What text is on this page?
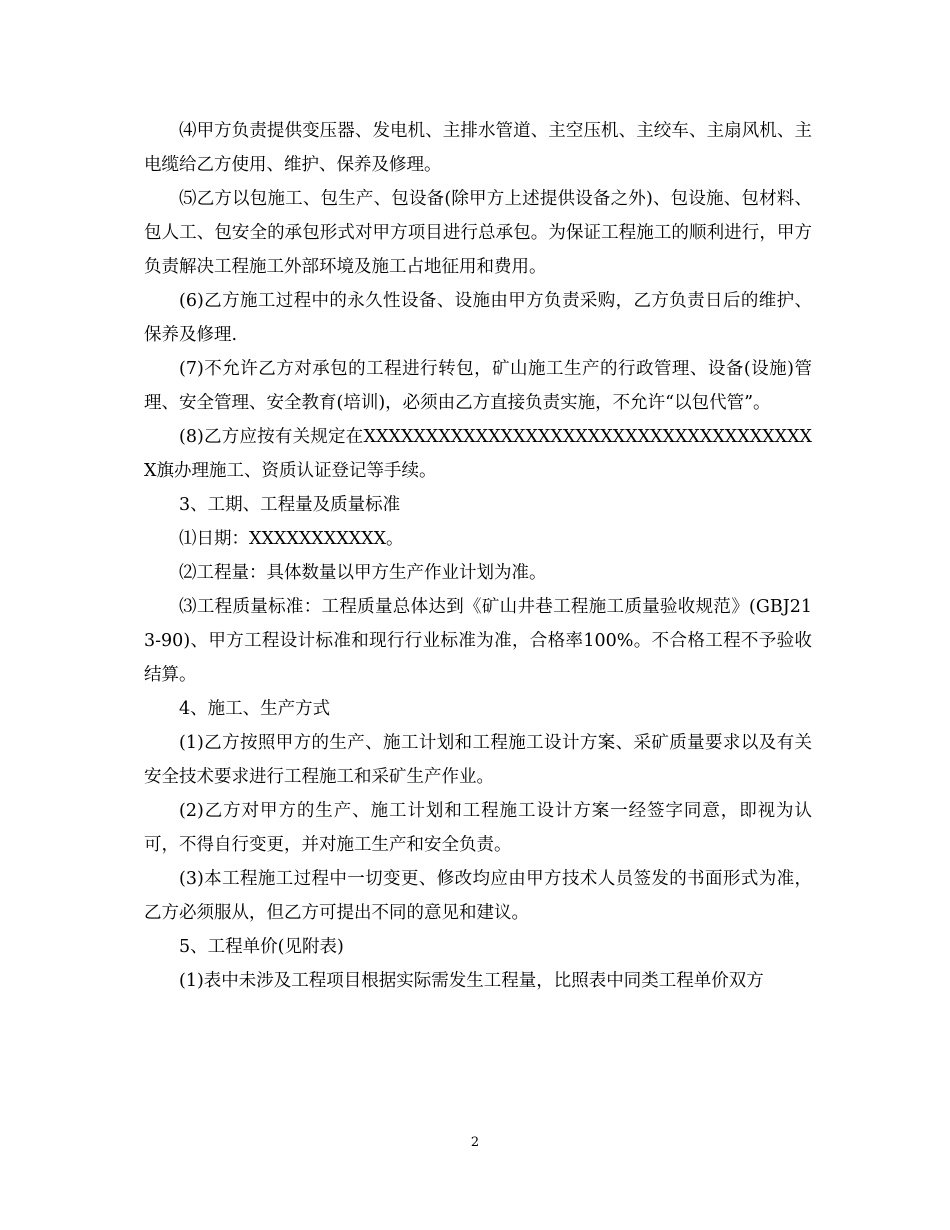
⑷甲方负责提供变压器、发电机、主排水管道、主空压机、主绞车、主扇风机、主电缆给乙方使用、维护、保养及修理。

⑸乙方以包施工、包生产、包设备(除甲方上述提供设备之外)、包设施、包材料、包人工、包安全的承包形式对甲方项目进行总承包。为保证工程施工的顺利进行，甲方负责解决工程施工外部环境及施工占地征用和费用。

(6)乙方施工过程中的永久性设备、设施由甲方负责采购，乙方负责日后的维护、保养及修理.

(7)不允许乙方对承包的工程进行转包，矿山施工生产的行政管理、设备(设施)管理、安全管理、安全教育(培训)，必须由乙方直接负责实施，不允许“以包代管”。

(8)乙方应按有关规定在XXXXXXXXXXXXXXXXXXXXXXXXXXXXXXXXXXXXX旗办理施工、资质认证登记等手续。

3、工期、工程量及质量标准

⑴日期：XXXXXXXXXXX。

⑵工程量：具体数量以甲方生产作业计划为准。

⑶工程质量标准：工程质量总体达到《矿山井巷工程施工质量验收规范》(GBJ213-90)、甲方工程设计标准和现行行业标准为准，合格率100%。不合格工程不予验收结算。

4、施工、生产方式

(1)乙方按照甲方的生产、施工计划和工程施工设计方案、采矿质量要求以及有关安全技术要求进行工程施工和采矿生产作业。

(2)乙方对甲方的生产、施工计划和工程施工设计方案一经签字同意，即视为认可，不得自行变更，并对施工生产和安全负责。

(3)本工程施工过程中一切变更、修改均应由甲方技术人员签发的书面形式为准，乙方必须服从，但乙方可提出不同的意见和建议。

5、工程单价(见附表)

(1)表中未涉及工程项目根据实际需发生工程量，比照表中同类工程单价双方

2
